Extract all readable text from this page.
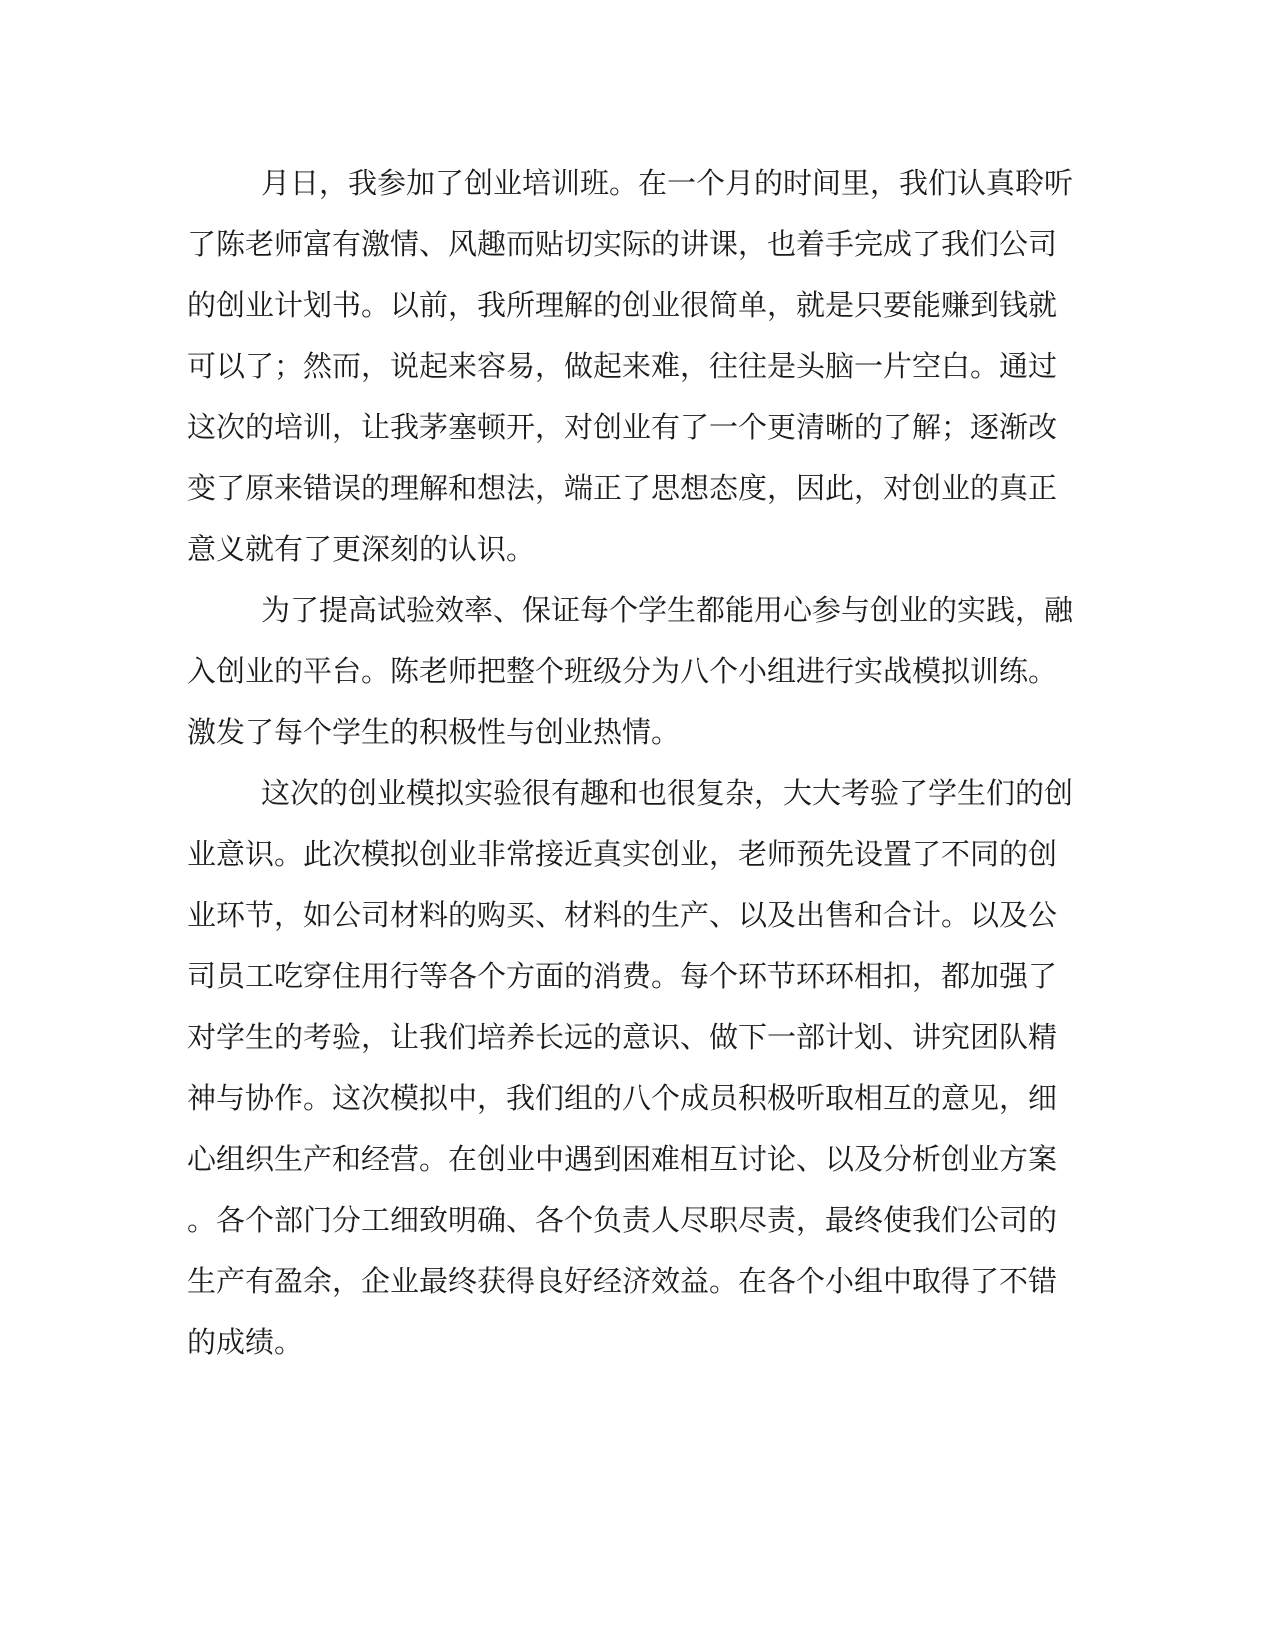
月日，我参加了创业培训班。在一个月的时间里，我们认真聆听
了陈老师富有激情、风趣而贴切实际的讲课，也着手完成了我们公司
的创业计划书。以前，我所理解的创业很简单，就是只要能赚到钱就
可以了；然而，说起来容易，做起来难，往往是头脑一片空白。通过
这次的培训，让我茅塞顿开，对创业有了一个更清晰的了解；逐渐改
变了原来错误的理解和想法，端正了思想态度，因此，对创业的真正
意义就有了更深刻的认识。
为了提高试验效率、保证每个学生都能用心参与创业的实践，融
入创业的平台。陈老师把整个班级分为八个小组进行实战模拟训练。
激发了每个学生的积极性与创业热情。
这次的创业模拟实验很有趣和也很复杂，大大考验了学生们的创
业意识。此次模拟创业非常接近真实创业，老师预先设置了不同的创
业环节，如公司材料的购买、材料的生产、以及出售和合计。以及公
司员工吃穿住用行等各个方面的消费。每个环节环环相扣，都加强了
对学生的考验，让我们培养长远的意识、做下一部计划、讲究团队精
神与协作。这次模拟中，我们组的八个成员积极听取相互的意见，细
心组织生产和经营。在创业中遇到困难相互讨论、以及分析创业方案
。各个部门分工细致明确、各个负责人尽职尽责，最终使我们公司的
生产有盈余，企业最终获得良好经济效益。在各个小组中取得了不错
的成绩。
